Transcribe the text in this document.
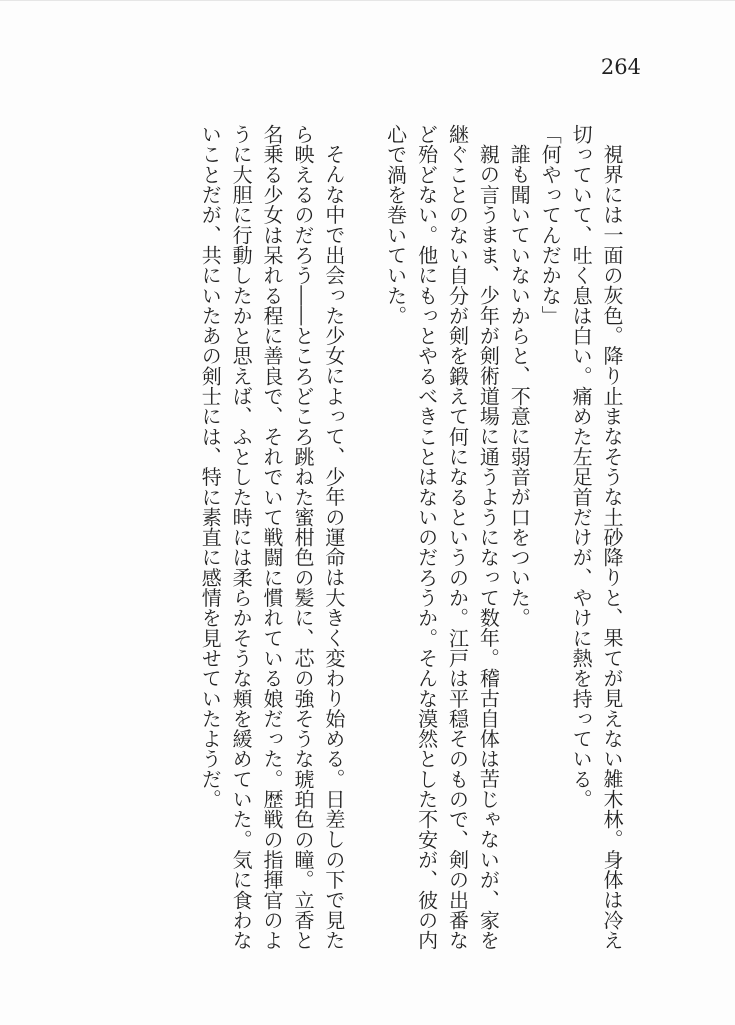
264

視界には一面の灰色。降り止まなそうな土砂降りと、果てが見えない雑木林。身体は冷え切っていて、吐く息は白い。痛めた左足首だけが、やけに熱を持っている。

「何やってんだかな」

誰も聞いていないからと、不意に弱音が口をついた。

親の言うまま、少年が剣術道場に通うようになって数年。稽古自体は苦じゃないが、家を継ぐことのない自分が剣を鍛えて何になるというのか。江戸は平穏そのもので、剣の出番など殆どない。他にもっとやるべきことはないのだろうか。そんな漠然とした不安が、彼の内心で渦を巻いていた。

そんな中で出会った少女によって、少年の運命は大きく変わり始める。日差しの下で見たら映えるのだろう――ところどころ跳ねた蜜柑色の髪に、芯の強そうな琥珀色の瞳。立香と名乗る少女は呆れる程に善良で、それでいて戦闘に慣れている娘だった。歴戦の指揮官のように大胆に行動したかと思えば、ふとした時には柔らかそうな頬を緩めていた。気に食わないことだが、共にいたあの剣士には、特に素直に感情を見せていたようだ。
